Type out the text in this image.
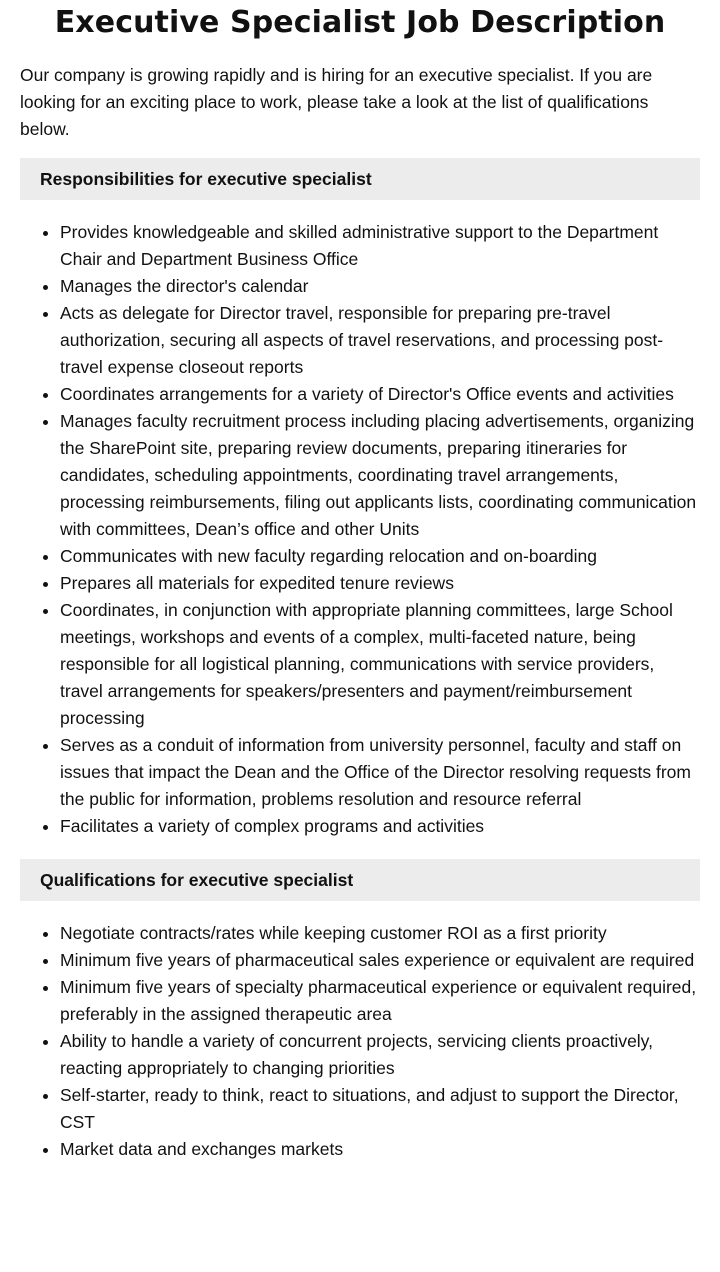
Executive Specialist Job Description

Our company is growing rapidly and is hiring for an executive specialist. If you are looking for an exciting place to work, please take a look at the list of qualifications below.

Responsibilities for executive specialist
• Provides knowledgeable and skilled administrative support to the Department Chair and Department Business Office
• Manages the director's calendar
• Acts as delegate for Director travel, responsible for preparing pre-travel authorization, securing all aspects of travel reservations, and processing post-travel expense closeout reports
• Coordinates arrangements for a variety of Director's Office events and activities
• Manages faculty recruitment process including placing advertisements, organizing the SharePoint site, preparing review documents, preparing itineraries for candidates, scheduling appointments, coordinating travel arrangements, processing reimbursements, filing out applicants lists, coordinating communication with committees, Dean’s office and other Units
• Communicates with new faculty regarding relocation and on-boarding
• Prepares all materials for expedited tenure reviews
• Coordinates, in conjunction with appropriate planning committees, large School meetings, workshops and events of a complex, multi-faceted nature, being responsible for all logistical planning, communications with service providers, travel arrangements for speakers/presenters and payment/reimbursement processing
• Serves as a conduit of information from university personnel, faculty and staff on issues that impact the Dean and the Office of the Director resolving requests from the public for information, problems resolution and resource referral
• Facilitates a variety of complex programs and activities
Qualifications for executive specialist
• Negotiate contracts/rates while keeping customer ROI as a first priority
• Minimum five years of pharmaceutical sales experience or equivalent are required
• Minimum five years of specialty pharmaceutical experience or equivalent required, preferably in the assigned therapeutic area
• Ability to handle a variety of concurrent projects, servicing clients proactively, reacting appropriately to changing priorities
• Self-starter, ready to think, react to situations, and adjust to support the Director, CST
• Market data and exchanges markets
